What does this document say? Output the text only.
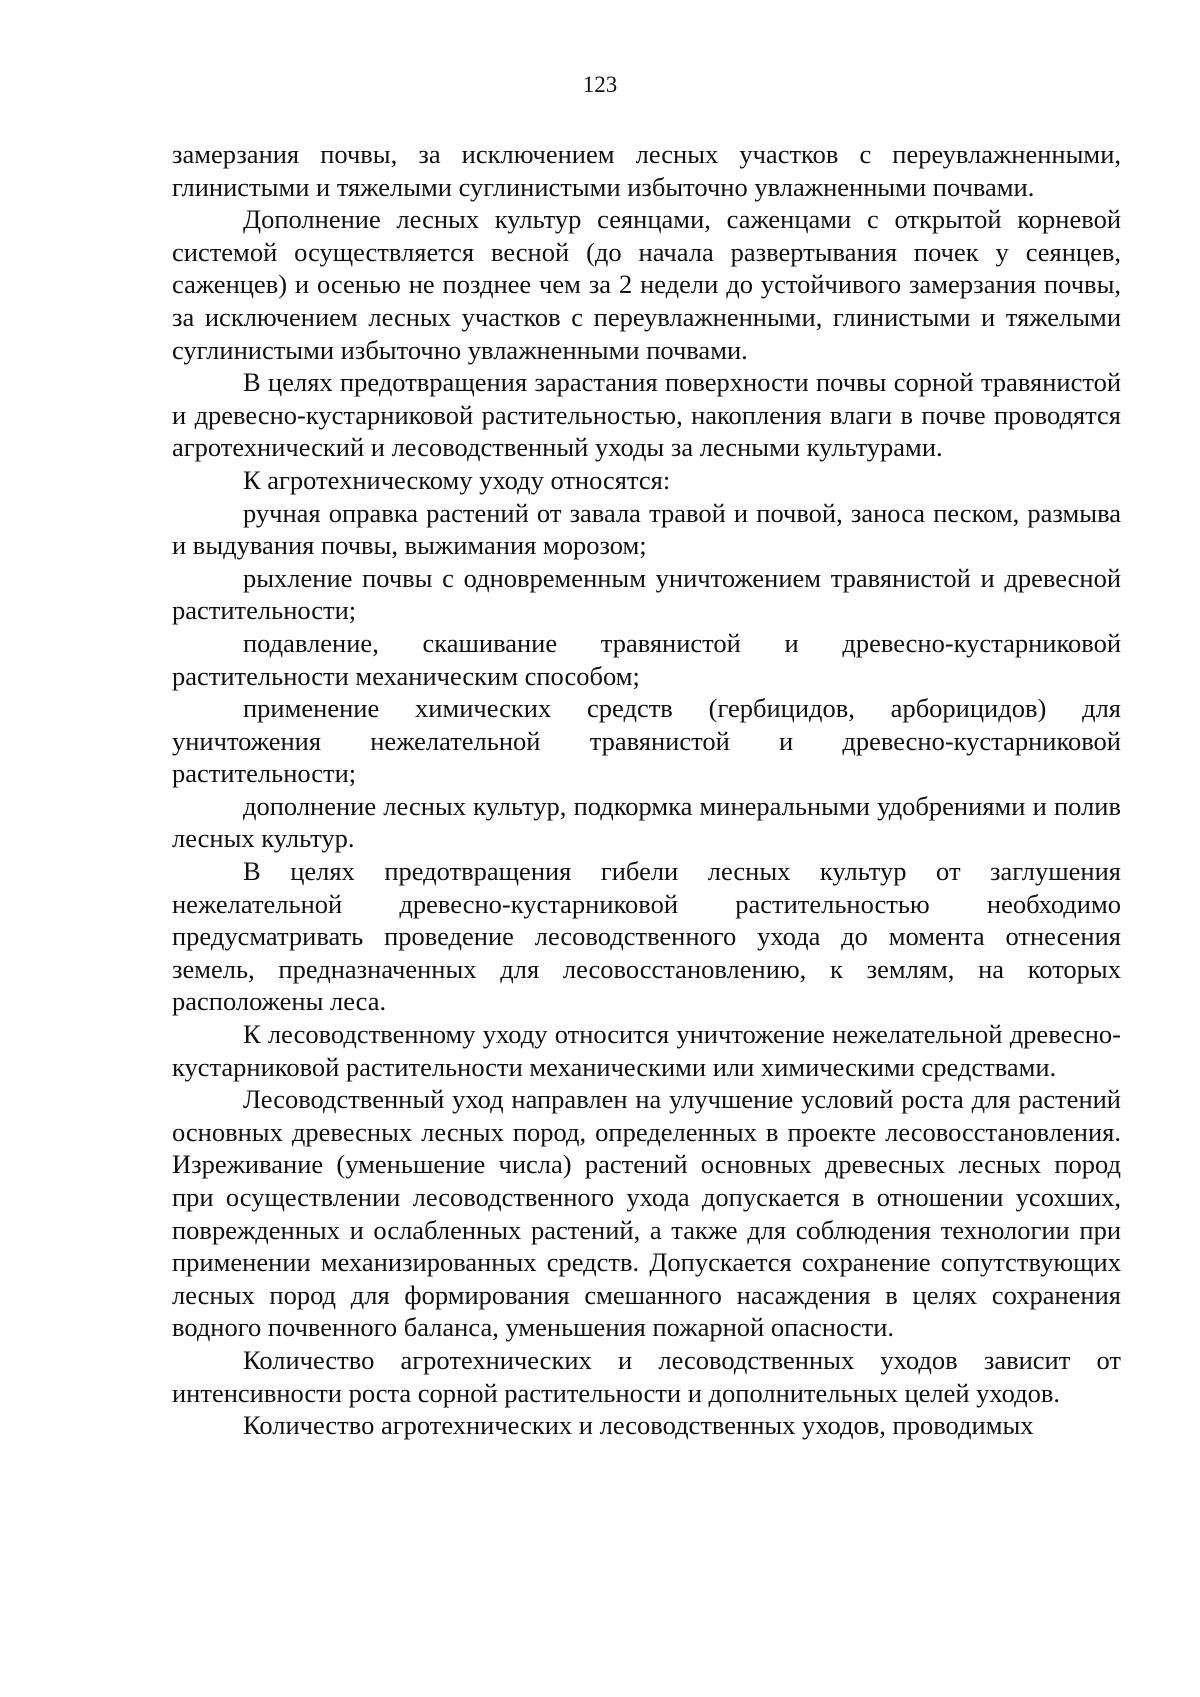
123

замерзания почвы, за исключением лесных участков с переувлажненными, глинистыми и тяжелыми суглинистыми избыточно увлажненными почвами.

Дополнение лесных культур сеянцами, саженцами с открытой корневой системой осуществляется весной (до начала развертывания почек у сеянцев, саженцев) и осенью не позднее чем за 2 недели до устойчивого замерзания почвы, за исключением лесных участков с переувлажненными, глинистыми и тяжелыми суглинистыми избыточно увлажненными почвами.

В целях предотвращения зарастания поверхности почвы сорной травянистой и древесно-кустарниковой растительностью, накопления влаги в почве проводятся агротехнический и лесоводственный уходы за лесными культурами.

К агротехническому уходу относятся:

ручная оправка растений от завала травой и почвой, заноса песком, размыва и выдувания почвы, выжимания морозом;

рыхление почвы с одновременным уничтожением травянистой и древесной растительности;

подавление, скашивание травянистой и древесно-кустарниковой растительности механическим способом;

применение химических средств (гербицидов, арборицидов) для уничтожения нежелательной травянистой и древесно-кустарниковой растительности;

дополнение лесных культур, подкормка минеральными удобрениями и полив лесных культур.

В целях предотвращения гибели лесных культур от заглушения нежелательной древесно-кустарниковой растительностью необходимо предусматривать проведение лесоводственного ухода до момента отнесения земель, предназначенных для лесовосстановлению, к землям, на которых расположены леса.

К лесоводственному уходу относится уничтожение нежелательной древесно-кустарниковой растительности механическими или химическими средствами.

Лесоводственный уход направлен на улучшение условий роста для растений основных древесных лесных пород, определенных в проекте лесовосстановления. Изреживание (уменьшение числа) растений основных древесных лесных пород при осуществлении лесоводственного ухода допускается в отношении усохших, поврежденных и ослабленных растений, а также для соблюдения технологии при применении механизированных средств. Допускается сохранение сопутствующих лесных пород для формирования смешанного насаждения в целях сохранения водного почвенного баланса, уменьшения пожарной опасности.

Количество агротехнических и лесоводственных уходов зависит от интенсивности роста сорной растительности и дополнительных целей уходов.

Количество агротехнических и лесоводственных уходов, проводимых
